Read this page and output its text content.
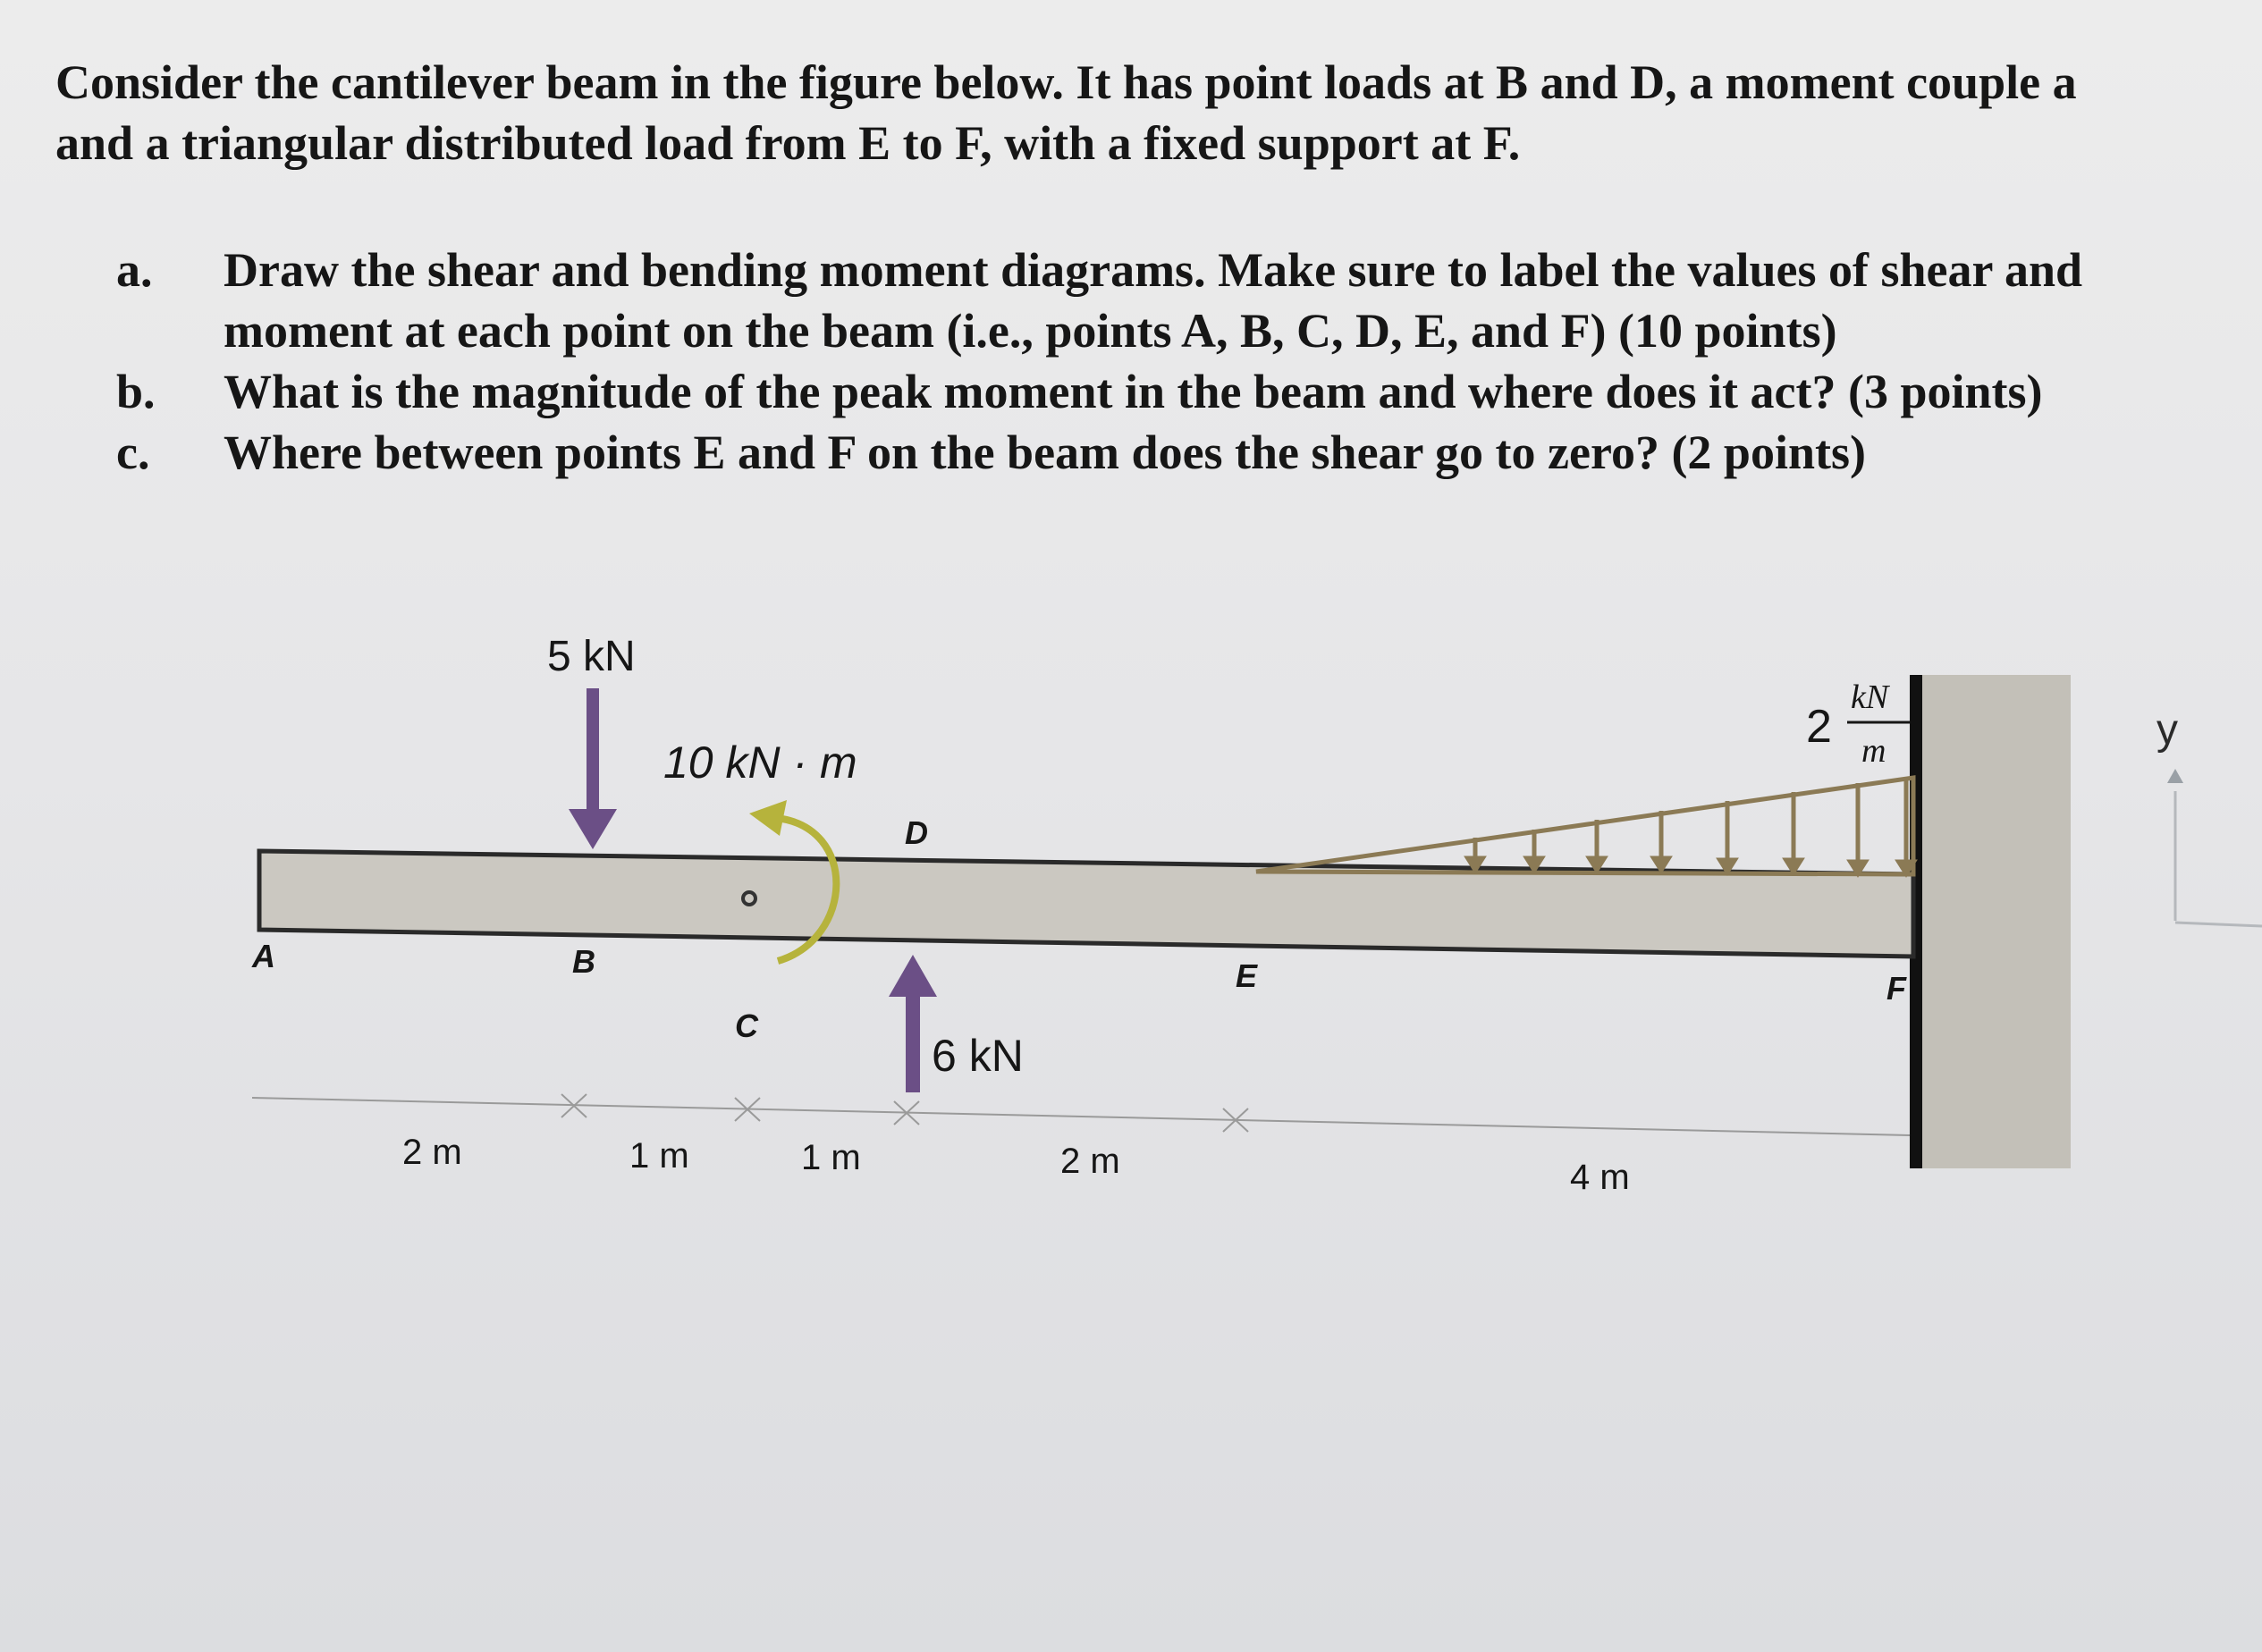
Consider the cantilever beam in the figure below. It has point loads at B and D, a moment couple a
and a triangular distributed load from E to F, with a fixed support at F.
a.	Draw the shear and bending moment diagrams. Make sure to label the values of shear and
moment at each point on the beam (i.e., points A, B, C, D, E, and F) (10 points)
b.	What is the magnitude of the peak moment in the beam and where does it act? (3 points)
c.	Where between points E and F on the beam does the shear go to zero? (2 points)
5 kN
10 kN · m
6 kN
2
kN
m
A	B
C
D
E	F
2 m	1 m	1 m	2 m	4 m
y
